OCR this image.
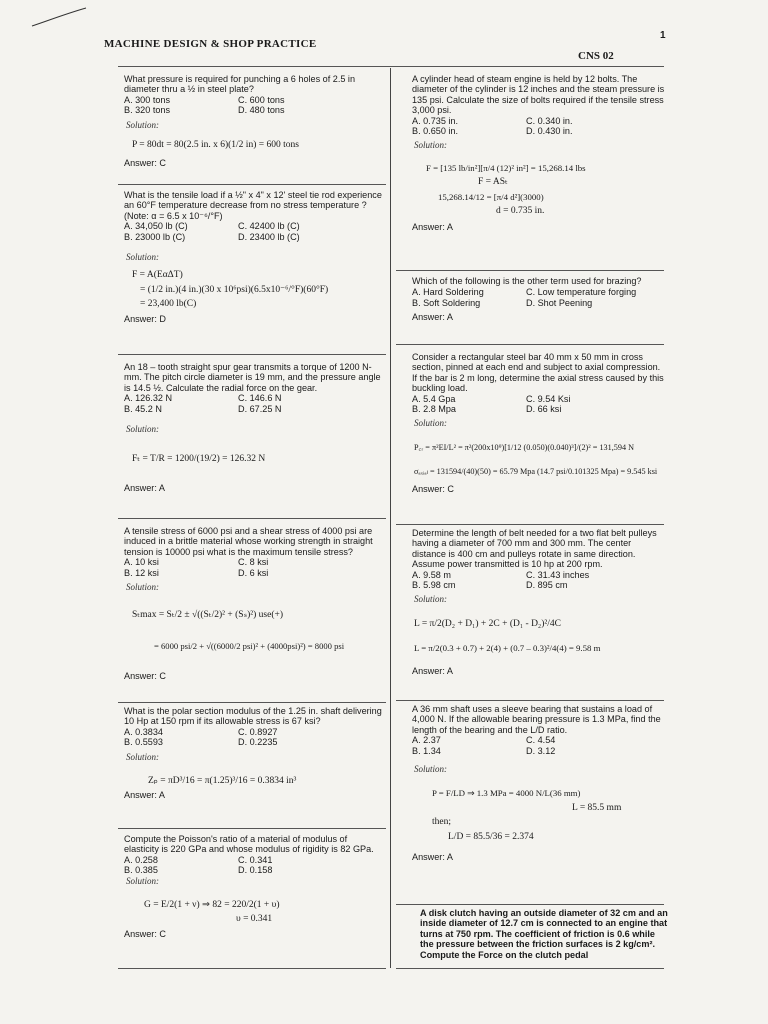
1
MACHINE DESIGN & SHOP PRACTICE
CNS 02
What pressure is required for punching a 6 holes of 2.5 in diameter thru a ½ in steel plate?
A. 300 tons	C. 600 tons
B. 320 tons	D. 480 tons
Solution:
P = 80dt = 80(2.5 in. x 6)(1/2 in) = 600 tons
Answer: C
What is the tensile load if a ½" x 4" x 12' steel tie rod experience an 60°F temperature decrease from no stress temperature ? (Note: α = 6.5 x 10⁻⁶/°F)
A. 34,050 lb (C)	C. 42400 lb (C)
B. 23000 lb (C)	D. 23400 lb (C)
Solution:
F = A(EαΔT)
= (1/2 in.)(4 in.)(30 x 10⁶psi)(6.5x10⁻⁶/°F)(60°F)
= 23,400 lb(C)
Answer: D
An 18 – tooth straight spur gear transmits a torque of 1200 N-mm. The pitch circle diameter is 19 mm, and the pressure angle is 14.5 ½. Calculate the radial force on the gear.
A. 126.32 N	C. 146.6 N
B. 45.2 N	D. 67.25 N
Solution:
Fₜ = T/R = 1200/(19/2) = 126.32 N
Answer: A
A tensile stress of 6000 psi and a shear stress of 4000 psi are induced in a brittle material whose working strength in straight tension is 10000 psi what is the maximum tensile stress?
A. 10 ksi	C. 8 ksi
B. 12 ksi	D. 6 ksi
Solution:
Sₜmax = Sₜ/2 ± √((Sₜ/2)² + (Sₛ)²) use(+)
= 6000 psi/2 + √((6000/2 psi)² + (4000psi)²) = 8000 psi
Answer: C
What is the polar section modulus of the 1.25 in. shaft delivering 10 Hp at 150 rpm if its allowable stress is 67 ksi?
A. 0.3834	C. 0.8927
B. 0.5593	D. 0.2235
Solution:
Zₚ = πD³/16 = π(1.25)³/16 = 0.3834 in³
Answer: A
Compute the Poisson's ratio of a material of modulus of elasticity is 220 GPa and whose modulus of rigidity is 82 GPa.
A. 0.258	C. 0.341
B. 0.385	D. 0.158
Solution:
G = E/2(1 + ν) ⇒ 82 = 220/2(1 + υ)
υ = 0.341
Answer: C
A cylinder head of steam engine is held by 12 bolts. The diameter of the cylinder is 12 inches and the steam pressure is 135 psi. Calculate the size of bolts required if the tensile stress 3,000 psi.
A. 0.735 in.	C. 0.340 in.
B. 0.650 in.	D. 0.430 in.
Solution:
F = [135 lb/in²][π/4 (12)² in²] = 15,268.14 lbs
F = ASₜ
15,268.14/12 = [π/4 d²](3000)
d = 0.735 in.
Answer: A
Which of the following is the other term used for brazing?
A. Hard Soldering	C. Low temperature forging
B. Soft Soldering	D. Shot Peening
Answer: A
Consider a rectangular steel bar 40 mm x 50 mm in cross section, pinned at each end and subject to axial compression. If the bar is 2 m long, determine the axial stress caused by this buckling load.
A. 5.4 Gpa	C. 9.54 Ksi
B. 2.8 Mpa	D. 66 ksi
Solution:
P꜀ᵣ = π²EI/L² = π²(200x10⁹)[1/12 (0.050)(0.040)³]/(2)² = 131,594 N
σₐₓᵢₐₗ = 131594/(40)(50) = 65.79 Mpa (14.7 psi/0.101325 Mpa) = 9.545 ksi
Answer: C
Determine the length of belt needed for a two flat belt pulleys having a diameter of 700 mm and 300 mm. The center distance is 400 cm and pulleys rotate in same direction. Assume power transmitted is 10 hp at 200 rpm.
A. 9.58 m	C. 31.43 inches
B. 5.98 cm	D. 895 cm
Solution:
L = π/2(D₂ + D₁) + 2C + (D₁ - D₂)²/4C
L = π/2(0.3 + 0.7) + 2(4) + (0.7 – 0.3)²/4(4) = 9.58 m
Answer: A
A 36 mm shaft uses a sleeve bearing that sustains a load of 4,000 N. If the allowable bearing pressure is 1.3 MPa, find the length of the bearing and the L/D ratio.
A. 2.37	C. 4.54
B. 1.34	D. 3.12
Solution:
P = F/LD ⇒ 1.3 MPa = 4000 N/L(36 mm)
L = 85.5 mm
then;
L/D = 85.5/36 = 2.374
Answer: A
A disk clutch having an outside diameter of 32 cm and an inside diameter of 12.7 cm is connected to an engine that turns at 750 rpm. The coefficient of friction is 0.6 while the pressure between the friction surfaces is 2 kg/cm². Compute the Force on the clutch pedal
